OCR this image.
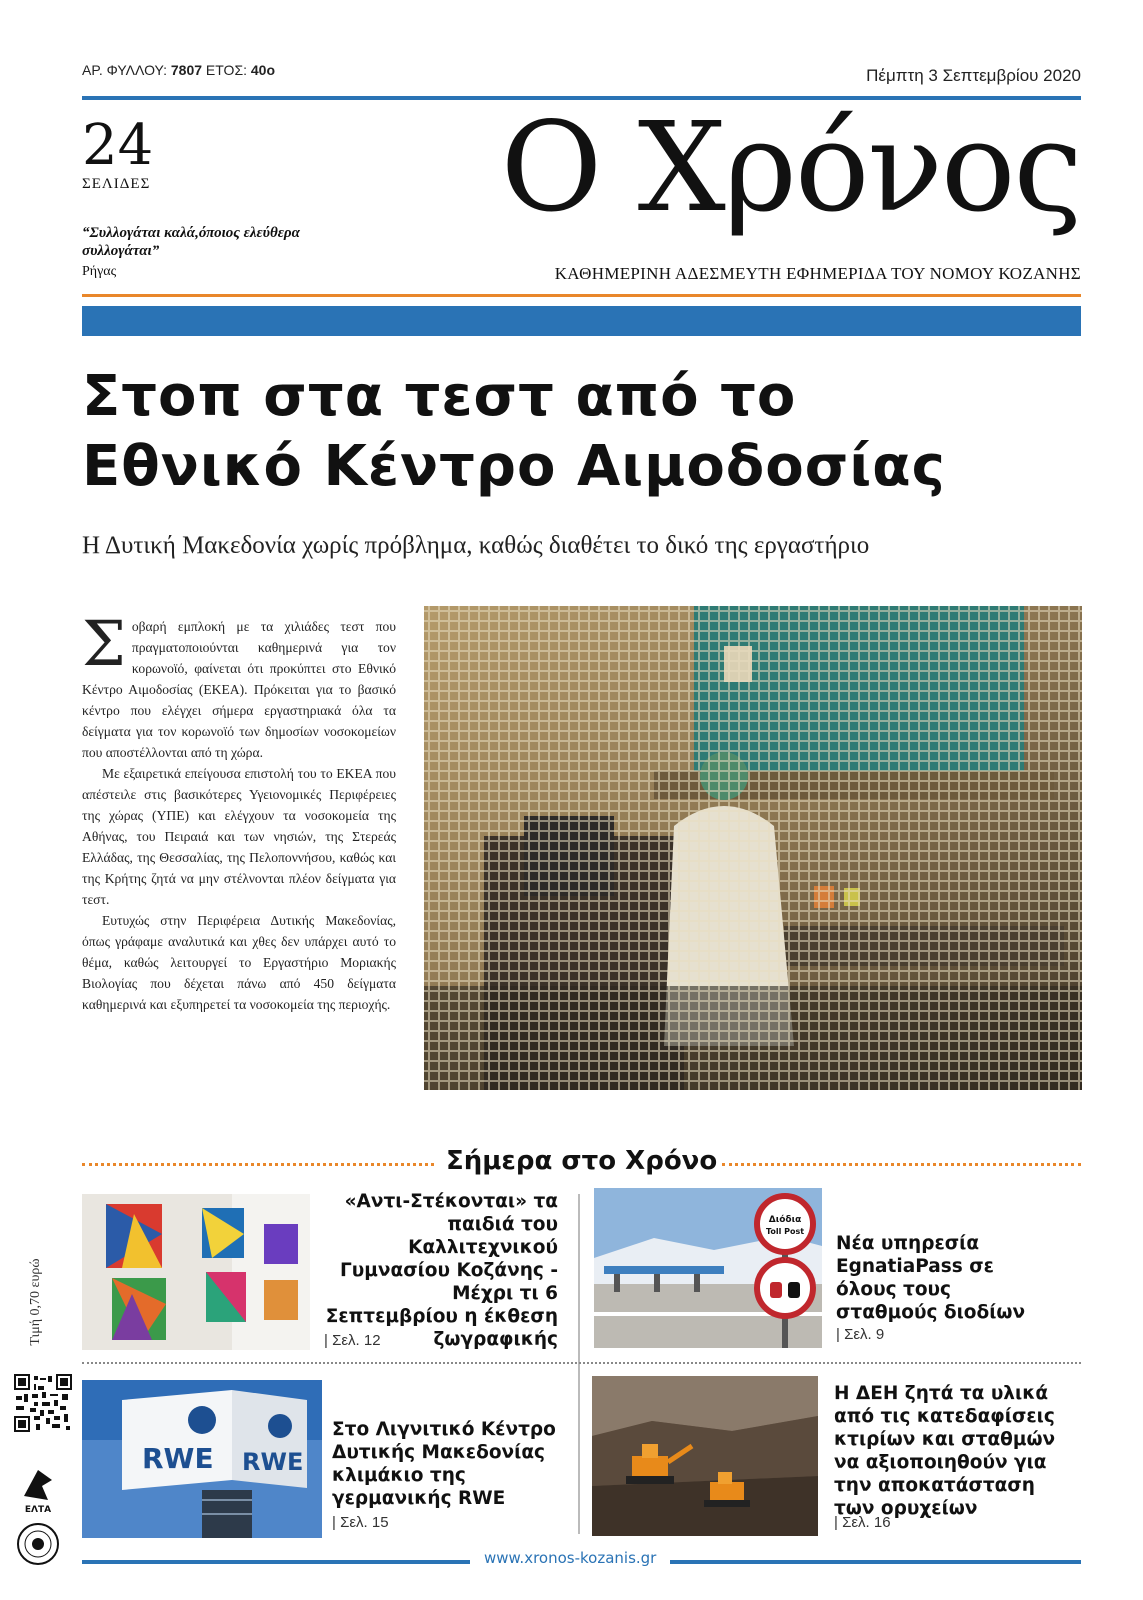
ΑΡ. ΦΥΛΛΟΥ: 7807 ΕΤΟΣ: 40ο	Πέμπτη 3 Σεπτεμβρίου 2020
24
ΣΕΛΙΔΕΣ
“Συλλογάται καλά,όποιος ελεύθερα συλλογάται”
Ρήγας
Ο Χρόνος
ΚΑΘΗΜΕΡΙΝΗ ΑΔΕΣΜΕΥΤΗ ΕΦΗΜΕΡΙΔΑ ΤΟΥ ΝΟΜΟΥ ΚΟΖΑΝΗΣ
Στοπ στα τεστ από το
Εθνικό Κέντρο Αιμοδοσίας
Η Δυτική Μακεδονία χωρίς πρόβλημα, καθώς διαθέτει το δικό της εργαστήριο

Σοβαρή εμπλοκή με τα χιλιάδες τεστ που πραγματοποιούνται καθημερινά για τον κορωνοϊό, φαίνεται ότι προκύπτει στο Εθνικό Κέντρο Αιμοδοσίας (ΕΚΕΑ). Πρόκειται για το βασικό κέντρο που ελέγχει σήμερα εργαστηριακά όλα τα δείγματα για τον κορωνοϊό των δημοσίων νοσοκομείων που αποστέλλονται από τη χώρα.

Με εξαιρετικά επείγουσα επιστολή του το ΕΚΕΑ που απέστειλε στις βασικότερες Υγειονομικές Περιφέρειες της χώρας (ΥΠΕ) και ελέγχουν τα νοσοκομεία της Αθήνας, του Πειραιά και των νησιών, της Στερεάς Ελλάδας, της Θεσσαλίας, της Πελοποννήσου, καθώς και της Κρήτης ζητά να μην στέλνονται πλέον δείγματα για τεστ.

Ευτυχώς στην Περιφέρεια Δυτικής Μακεδονίας, όπως γράφαμε αναλυτικά και χθες δεν υπάρχει αυτό το θέμα, καθώς λειτουργεί το Εργαστήριο Μοριακής Βιολογίας που δέχεται πάνω από 450 δείγματα καθημερινά και εξυπηρετεί τα νοσοκομεία της περιοχής.

Σήμερα στο Χρόνο
«Αντι-Στέκονται» τα παιδιά του Καλλιτεχνικού Γυμνασίου Κοζάνης - Μέχρι τι 6 Σεπτεμβρίου η έκθεση ζωγραφικής
| Σελ. 12
Διόδια
Toll Post
Νέα υπηρεσία EgnatiaPass σε όλους τους σταθμούς διοδίων
| Σελ. 9
RWE RWE
Στο Λιγνιτικό Κέντρο Δυτικής Μακεδονίας κλιμάκιο της γερμανικής RWE
| Σελ. 15
Η ΔΕΗ ζητά τα υλικά από τις κατεδαφίσεις κτιρίων και σταθμών να αξιοποιηθούν για την αποκατάσταση των ορυχείων
| Σελ. 16
Τιμή 0,70 ευρώ
ΕΛΤΑ
www.xronos-kozanis.gr
